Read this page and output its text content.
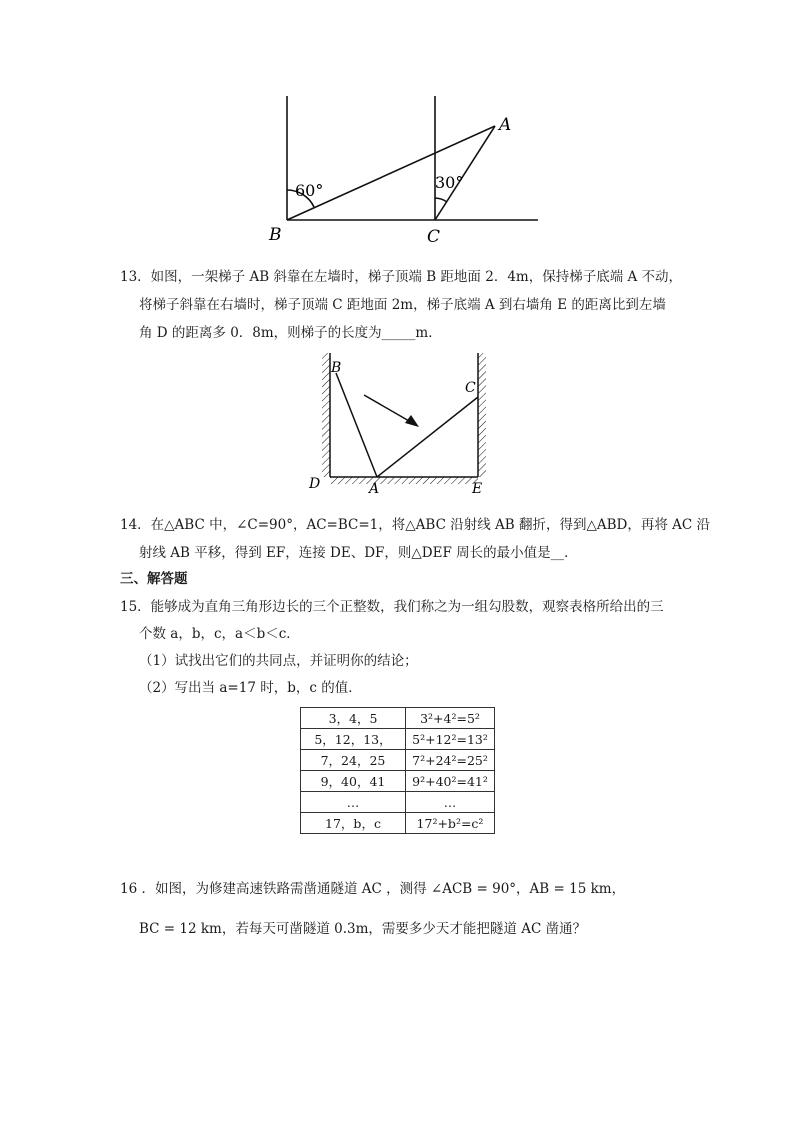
A
B	C
60°	30°
13．如图，一架梯子 AB 斜靠在左墙时，梯子顶端 B 距地面 2．4m，保持梯子底端 A 不动，
将梯子斜靠在右墙时，梯子顶端 C 距地面 2m，梯子底端 A 到右墙角 E 的距离比到左墙
角 D 的距离多 0．8m，则梯子的长度为_____m．
B
C
D	A	E
14．在△ABC 中，∠C=90°，AC=BC=1，将△ABC 沿射线 AB 翻折，得到△ABD，再将 AC 沿
射线 AB 平移，得到 EF，连接 DE、DF，则△DEF 周长的最小值是__．
三、解答题
15．能够成为直角三角形边长的三个正整数，我们称之为一组勾股数，观察表格所给出的三
个数 a，b，c，a＜b＜c．
（1）试找出它们的共同点，并证明你的结论；
（2）写出当 a=17 时，b，c 的值．
3，4，5	3²+4²=5²
5，12，13，	5²+12²=13²
7，24，25	7²+24²=25²
9，40，41	9²+40²=41²
…	…
17，b，c	17²+b²=c²
16 ．如图，为修建高速铁路需凿通隧道 AC ，测得 ∠ACB = 90°，AB = 15 km，
BC = 12 km，若每天可凿隧道 0.3m，需要多少天才能把隧道 AC 凿通？
